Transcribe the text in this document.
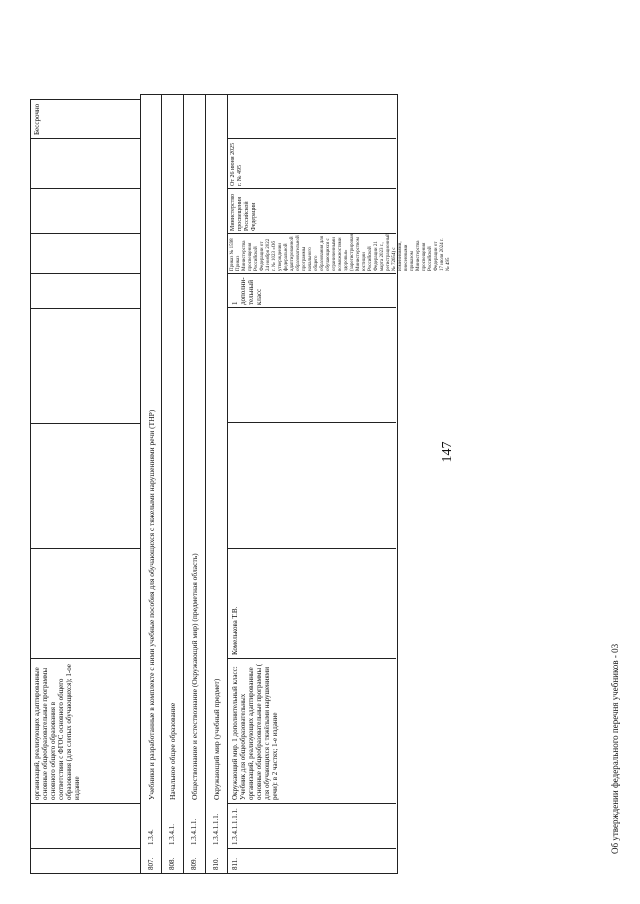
147
организаций, реализующих адаптированные основные общеобразовательные программы основного общего образования в соответствии с ФГОС основного общего образования (для слепых обучающихся); 1-ое издание
Бессрочно
807.
1.3.4.
Учебники и разработанные в комплекте с ними учебные пособия для обучающихся с тяжелыми нарушениями речи (ТНР)
808.
1.3.4.1.
Начальное общее образование
809.
1.3.4.1.1.
Обществознание и естествознание (Окружающий мир) (предметная область)
810.
1.3.4.1.1.1.
Окружающий мир (учебный предмет)
811.
1.3.4.1.1.1.1.
Окружающий мир. 1 дополнительный класс: Учебник для общеобразовательных организаций, реализующих адаптированные основные общеобразовательные программы ( для обучающихся с тяжёлыми нарушениями речи): в 2 частях; 1-е издание
Комелькова Т.В.
1 дополни-тельный класс
Приказ № 1598 Приказ Министерства просвещения Российской Федерации от 24 ноября 2022 г. № 1023 «Об утверждении федеральной адаптированной образовательной программы начального общего образования для обучающихся с ограниченными возможностями здоровья» (зарегистрирован Министерством юстиции Российской Федерации 21 марта 2023 г., регистрационный № 72654) с изменениями, внесенными приказом Министерства просвещения Российской Федерации от 17 июля 2024 г. № 495
Министерство просвещения Российской Федерации
От 26 июня 2025 г. № 495
Об утверждении федерального перечня учебников - 03
